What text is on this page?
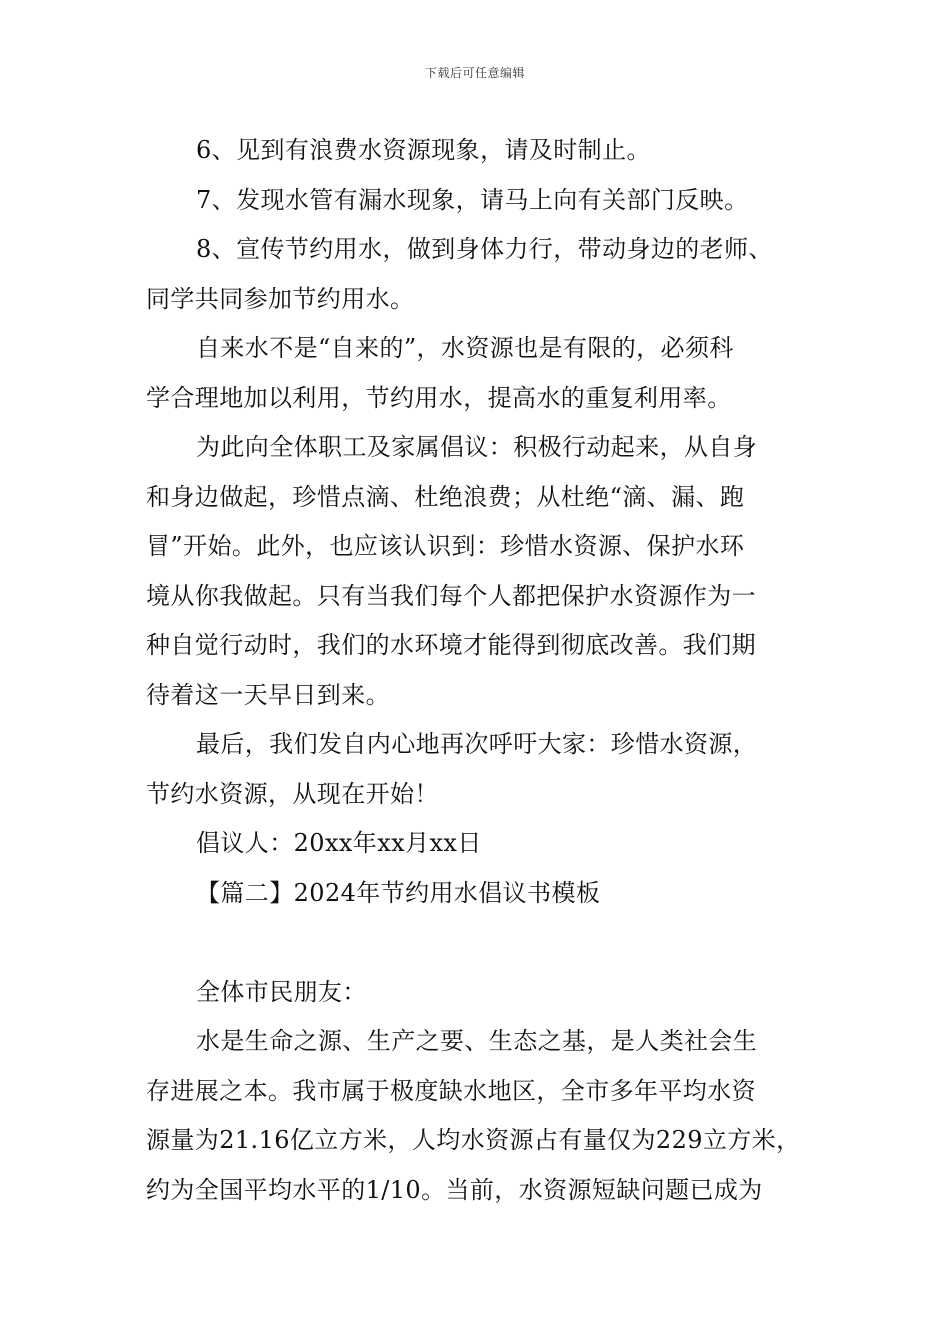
下载后可任意编辑
6、见到有浪费水资源现象，请及时制止。
7、发现水管有漏水现象，请马上向有关部门反映。
8、宣传节约用水，做到身体力行，带动身边的老师、
同学共同参加节约用水。
自来水不是“自来的”，水资源也是有限的，必须科
学合理地加以利用，节约用水，提高水的重复利用率。
为此向全体职工及家属倡议：积极行动起来，从自身
和身边做起，珍惜点滴、杜绝浪费；从杜绝“滴、漏、跑
冒”开始。此外，也应该认识到：珍惜水资源、保护水环
境从你我做起。只有当我们每个人都把保护水资源作为一
种自觉行动时，我们的水环境才能得到彻底改善。我们期
待着这一天早日到来。
最后，我们发自内心地再次呼吁大家：珍惜水资源，
节约水资源，从现在开始！
倡议人：20xx年xx月xx日
【篇二】2024年节约用水倡议书模板
全体市民朋友：
水是生命之源、生产之要、生态之基，是人类社会生
存进展之本。我市属于极度缺水地区，全市多年平均水资
源量为21.16亿立方米，人均水资源占有量仅为229立方米，
约为全国平均水平的1/10。当前，水资源短缺问题已成为
